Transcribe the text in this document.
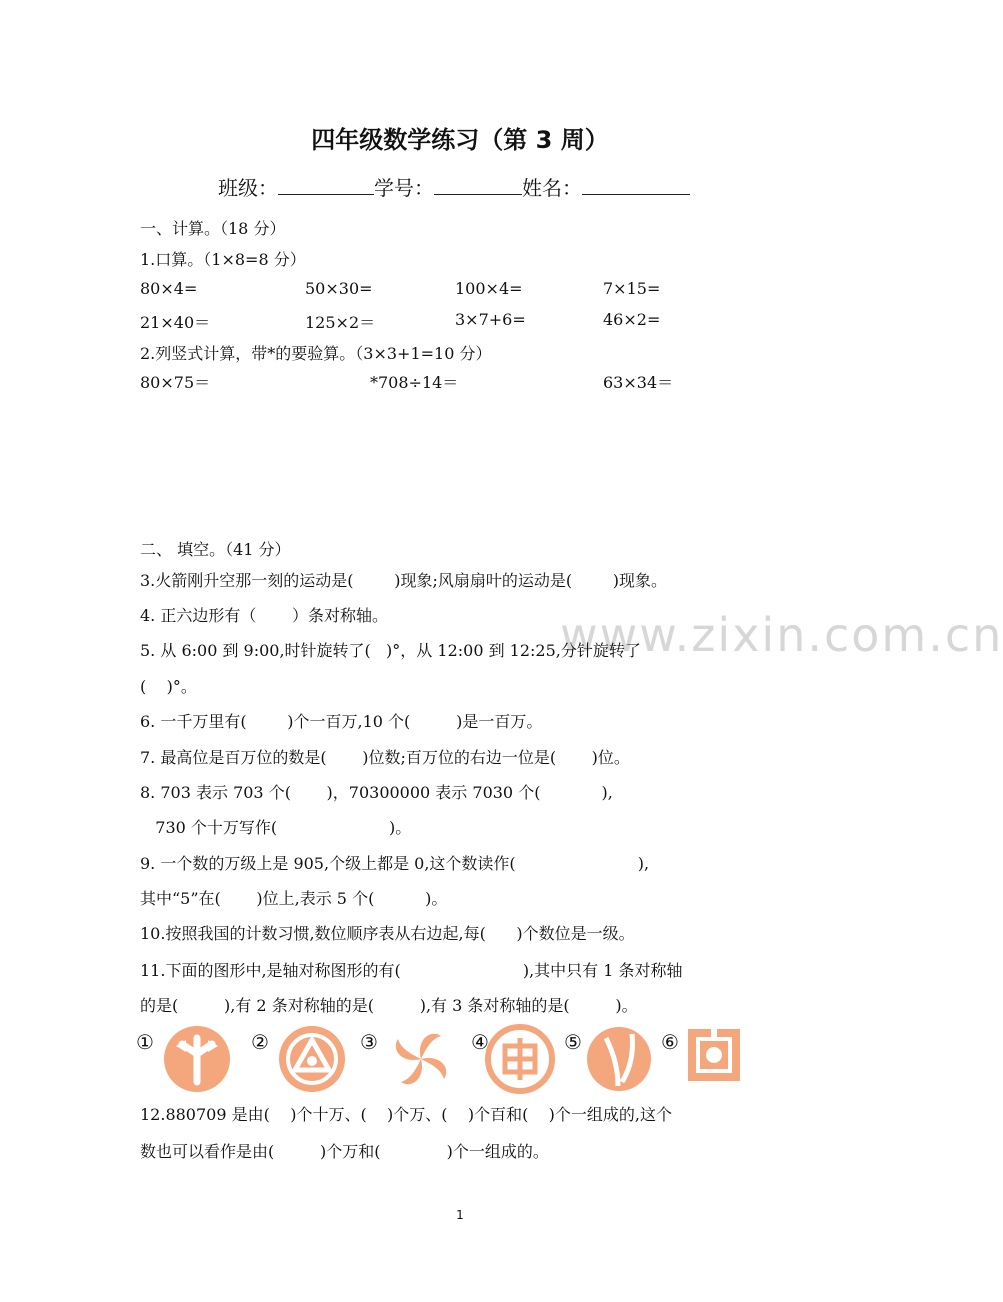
四年级数学练习（第 3 周）
班级：	学号：	姓名：
www.zixin.com.cn
一、计算。（18 分）
1.口算。（1×8=8 分）
80×4=	50×30=	100×4=	7×15=
21×40＝	125×2＝	3×7+6=	46×2=
2.列竖式计算，带*的要验算。（3×3+1=10 分）
80×75＝	*708÷14＝	63×34＝
二、 填空。（41 分）
3.火箭刚升空那一刻的运动是(        )现象;风扇扇叶的运动是(        )现象。
4. 正六边形有（       ）条对称轴。
5. 从 6:00 到 9:00,时针旋转了(   )°，从 12:00 到 12:25,分针旋转了
(    )°。
6. 一千万里有(        )个一百万,10 个(         )是一百万。
7. 最高位是百万位的数是(       )位数;百万位的右边一位是(       )位。
8. 703 表示 703 个(       )，70300000 表示 7030 个(            ),
730 个十万写作(                      )。
9. 一个数的万级上是 905,个级上都是 0,这个数读作(                        ),
其中“5”在(       )位上,表示 5 个(          )。
10.按照我国的计数习惯,数位顺序表从右边起,每(      )个数位是一级。
11.下面的图形中,是轴对称图形的有(                        ),其中只有 1 条对称轴
的是(         ),有 2 条对称轴的是(         ),有 3 条对称轴的是(         )。
①	②	③	④	⑤	⑥
12.880709 是由(    )个十万、(    )个万、(    )个百和(    )个一组成的,这个
数也可以看作是由(         )个万和(             )个一组成的。
1
